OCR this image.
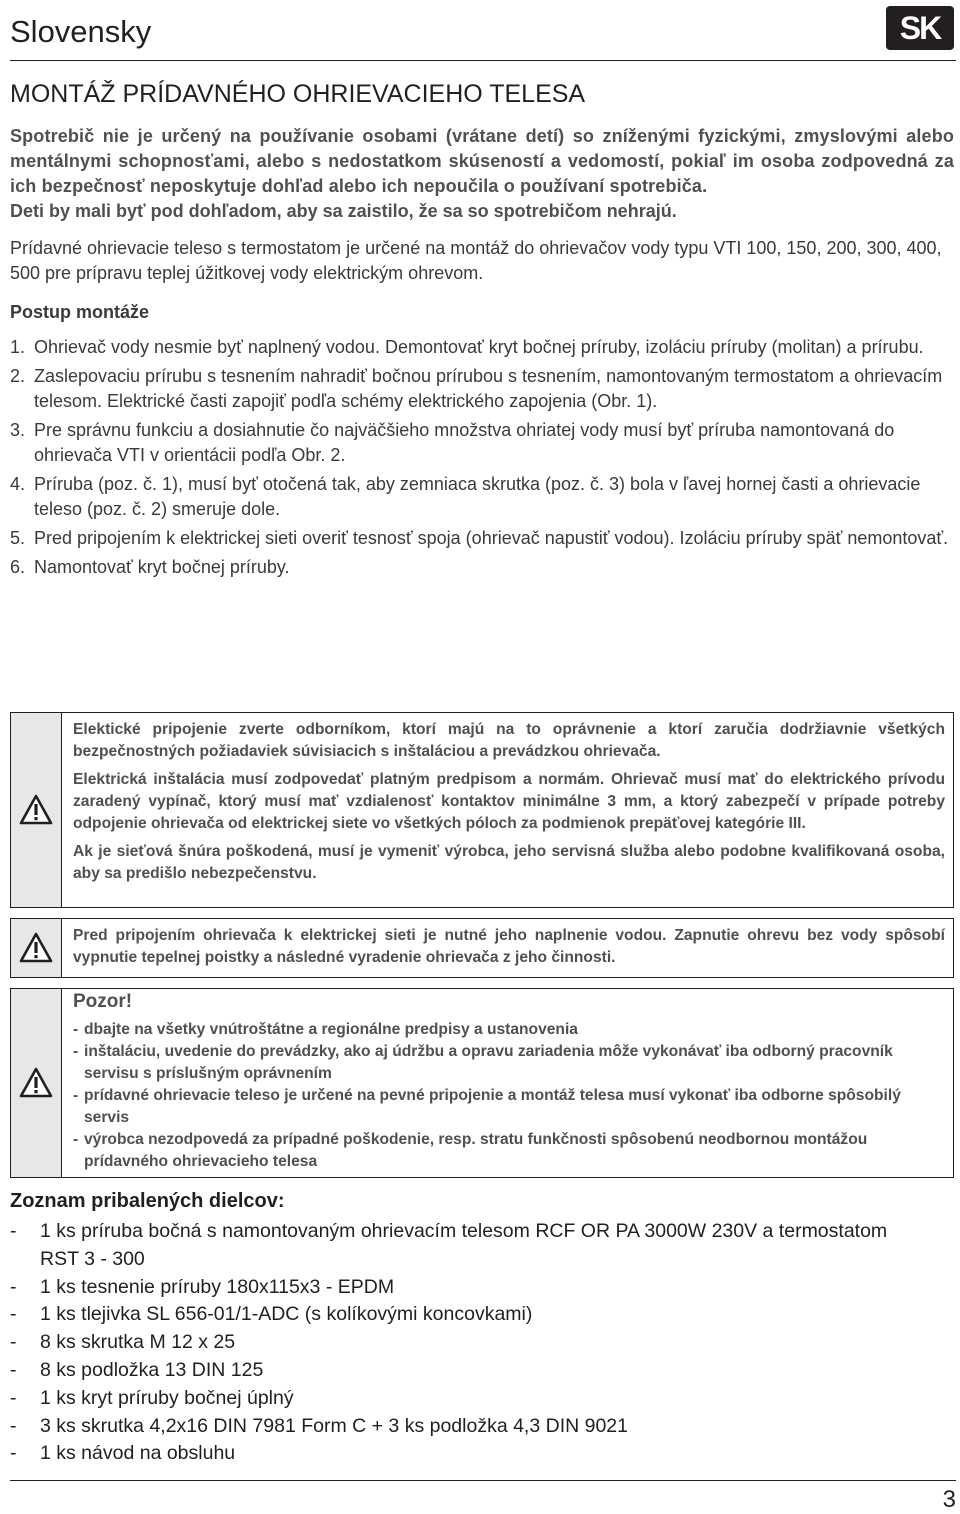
Slovensky	SK
MONTÁŽ PRÍDAVNÉHO OHRIEVACIEHO TELESA

Spotrebič nie je určený na používanie osobami (vrátane detí) so zníženými fyzickými, zmyslovými alebo mentálnymi schopnosťami, alebo s nedostatkom skúseností a vedomostí, pokiaľ im osoba zodpovedná za ich bezpečnosť neposkytuje dohľad alebo ich nepoučila o používaní spotrebiča.

Deti by mali byť pod dohľadom, aby sa zaistilo, že sa so spotrebičom nehrajú.

Prídavné ohrievacie teleso s termostatom je určené na montáž do ohrievačov vody typu VTI 100, 150, 200, 300, 400, 500 pre prípravu teplej úžitkovej vody elektrickým ohrevom.

Postup montáže

1. Ohrievač vody nesmie byť naplnený vodou. Demontovať kryt bočnej príruby, izoláciu príruby (molitan) a prírubu.
2. Zaslepovaciu prírubu s tesnením nahradiť bočnou prírubou s tesnením, namontovaným termostatom a ohrievacím telesom. Elektrické časti zapojiť podľa schémy elektrického zapojenia (Obr. 1).
3. Pre správnu funkciu a dosiahnutie čo najväčšieho množstva ohriatej vody musí byť príruba namontovaná do ohrievača VTI v orientácii podľa Obr. 2.
4. Príruba (poz. č. 1), musí byť otočená tak, aby zemniaca skrutka (poz. č. 3) bola v ľavej hornej časti a ohrievacie teleso (poz. č. 2) smeruje dole.
5. Pred pripojením k elektrickej sieti overiť tesnosť spoja (ohrievač napustiť vodou). Izoláciu príruby späť nemontovať.
6. Namontovať kryt bočnej príruby.

Elektické pripojenie zverte odborníkom, ktorí majú na to oprávnenie a ktorí zaručia dodržiavnie všetkých bezpečnostných požiadaviek súvisiacich s inštaláciou a prevádzkou ohrievača.

Elektrická inštalácia musí zodpovedať platným predpisom a normám. Ohrievač musí mať do elektrického prívodu zaradený vypínač, ktorý musí mať vzdialenosť kontaktov minimálne 3 mm, a ktorý zabezpečí v prípade potreby odpojenie ohrievača od elektrickej siete vo všetkých póloch za podmienok prepäťovej kategórie III.

Ak je sieťová šnúra poškodená, musí je vymeniť výrobca, jeho servisná služba alebo podobne kvalifikovaná osoba, aby sa predišlo nebezpečenstvu.

Pred pripojením ohrievača k elektrickej sieti je nutné jeho naplnenie vodou. Zapnutie ohrevu bez vody spôsobí vypnutie tepelnej poistky a následné vyradenie ohrievača z jeho činnosti.

Pozor!

- dbajte na všetky vnútroštátne a regionálne predpisy a ustanovenia
- inštaláciu, uvedenie do prevádzky, ako aj údržbu a opravu zariadenia môže vykonávať iba odborný pracovník servisu s príslušným oprávnením
- prídavné ohrievacie teleso je určené na pevné pripojenie a montáž telesa musí vykonať iba odborne spôsobilý servis
- výrobca nezodpovedá za prípadné poškodenie, resp. stratu funkčnosti spôsobenú neodbornou montážou prídavného ohrievacieho telesa
Zoznam pribalených dielcov:
-	1 ks príruba bočná s namontovaným ohrievacím telesom RCF OR PA 3000W 230V a termostatom RST 3 - 300
-	1 ks tesnenie príruby 180x115x3 - EPDM
-	1 ks tlejivka SL 656-01/1-ADC (s kolíkovými koncovkami)
-	8 ks skrutka M 12 x 25
-	8 ks podložka 13 DIN 125
-	1 ks kryt príruby bočnej úplný
-	3 ks skrutka 4,2x16 DIN 7981 Form C + 3 ks podložka 4,3 DIN 9021
-	1 ks návod na obsluhu
3
